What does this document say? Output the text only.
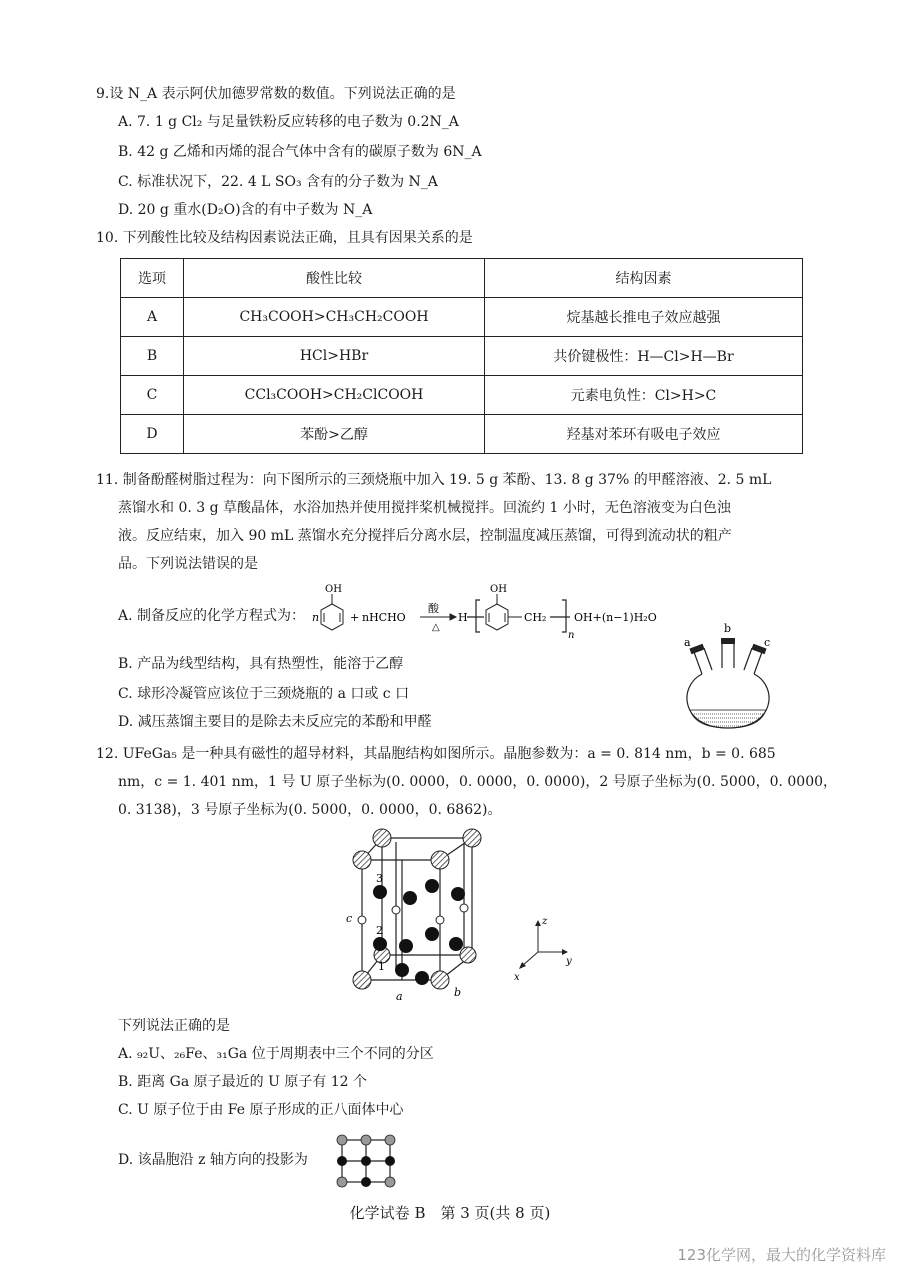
9.设 N_A 表示阿伏加德罗常数的数值。下列说法正确的是
A. 7. 1 g Cl₂ 与足量铁粉反应转移的电子数为 0.2N_A
B. 42 g 乙烯和丙烯的混合气体中含有的碳原子数为 6N_A
C. 标准状况下，22. 4 L SO₃ 含有的分子数为 N_A
D. 20 g 重水(D₂O)含的有中子数为 N_A
10. 下列酸性比较及结构因素说法正确，且具有因果关系的是
选项	酸性比较	结构因素
A	CH₃COOH>CH₃CH₂COOH	烷基越长推电子效应越强
B	HCl>HBr	共价键极性：H—Cl>H—Br
C	CCl₃COOH>CH₂ClCOOH	元素电负性：Cl>H>C
D	苯酚>乙醇	羟基对苯环有吸电子效应
11. 制备酚醛树脂过程为：向下图所示的三颈烧瓶中加入 19. 5 g 苯酚、13. 8 g 37% 的甲醛溶液、2. 5 mL
蒸馏水和 0. 3 g 草酸晶体，水浴加热并使用搅拌桨机械搅拌。回流约 1 小时，无色溶液变为白色浊
液。反应结束，加入 90 mL 蒸馏水充分搅拌后分离水层，控制温度减压蒸馏，可得到流动状的粗产
品。下列说法错误的是
A. 制备反应的化学方程式为： n
OH
+ nHCHO
酸
△
H
OH
CH₂
n
OH+(n−1)H₂O
B. 产品为线型结构，具有热塑性，能溶于乙醇
C. 球形冷凝管应该位于三颈烧瓶的 a 口或 c 口
D. 减压蒸馏主要目的是除去未反应完的苯酚和甲醛
a
b
c
12. UFeGa₅ 是一种具有磁性的超导材料，其晶胞结构如图所示。晶胞参数为：a = 0. 814 nm，b = 0. 685
nm，c = 1. 401 nm，1 号 U 原子坐标为(0. 0000，0. 0000，0. 0000)，2 号原子坐标为(0. 5000，0. 0000，
0. 3138)，3 号原子坐标为(0. 5000，0. 0000，0. 6862)。
c
a	b
3
2
1
z
y
x
下列说法正确的是
A. ₉₂U、₂₆Fe、₃₁Ga 位于周期表中三个不同的分区
B. 距离 Ga 原子最近的 U 原子有 12 个
C. U 原子位于由 Fe 原子形成的正八面体中心
D. 该晶胞沿 z 轴方向的投影为
化学试卷 B　第 3 页(共 8 页)
123化学网，最大的化学资料库
